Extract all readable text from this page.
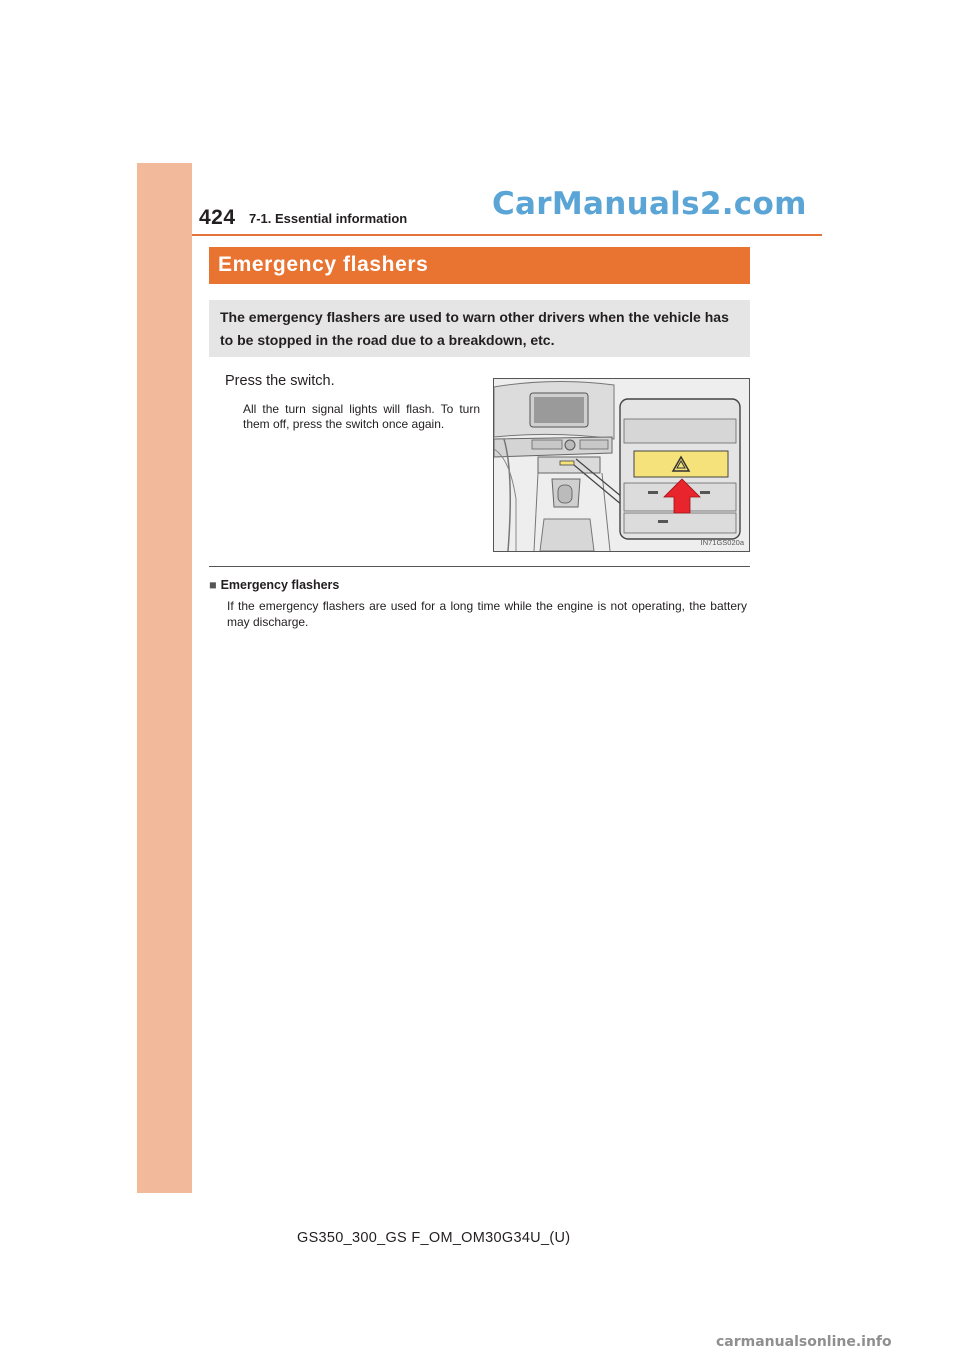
424 7-1. Essential information	CarManuals2.com
Emergency flashers
The emergency flashers are used to warn other drivers when the vehicle has to be stopped in the road due to a breakdown, etc.
Press the switch.
All the turn signal lights will flash. To turn them off, press the switch once again.
IN71GS020a
■ Emergency flashers
If the emergency flashers are used for a long time while the engine is not operating, the battery may discharge.
GS350_300_GS F_OM_OM30G34U_(U)
carmanualsonline.info
